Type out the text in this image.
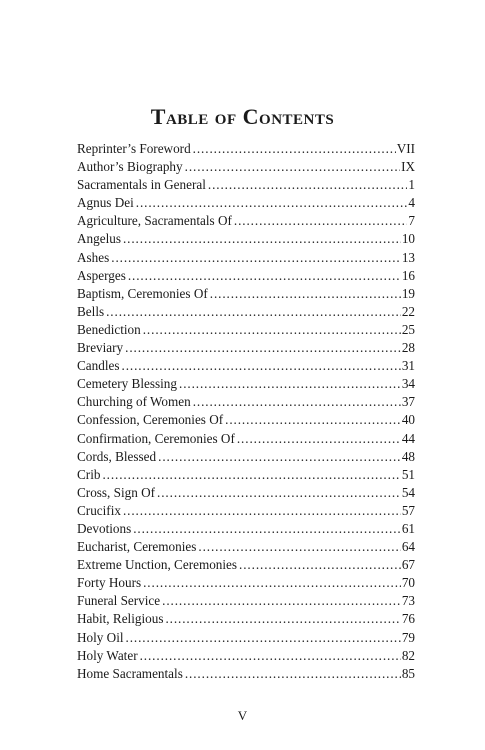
Table of Contents
Reprinter’s Foreword . . .	VII
Author’s Biography . . .	IX
Sacramentals in General . . .	1
Agnus Dei . . .	4
Agriculture, Sacramentals Of . . .	7
Angelus . . .	10
Ashes . . .	13
Asperges . . .	16
Baptism, Ceremonies Of . . .	19
Bells . . .	22
Benediction . . .	25
Breviary . . .	28
Candles . . .	31
Cemetery Blessing . . .	34
Churching of Women . . .	37
Confession, Ceremonies Of . . .	40
Confirmation, Ceremonies Of . . .	44
Cords, Blessed . . .	48
Crib . . .	51
Cross, Sign Of . . .	54
Crucifix . . .	57
Devotions . . .	61
Eucharist, Ceremonies . . .	64
Extreme Unction, Ceremonies . . .	67
Forty Hours . . .	70
Funeral Service . . .	73
Habit, Religious . . .	76
Holy Oil . . .	79
Holy Water . . .	82
Home Sacramentals . . .	85
V
